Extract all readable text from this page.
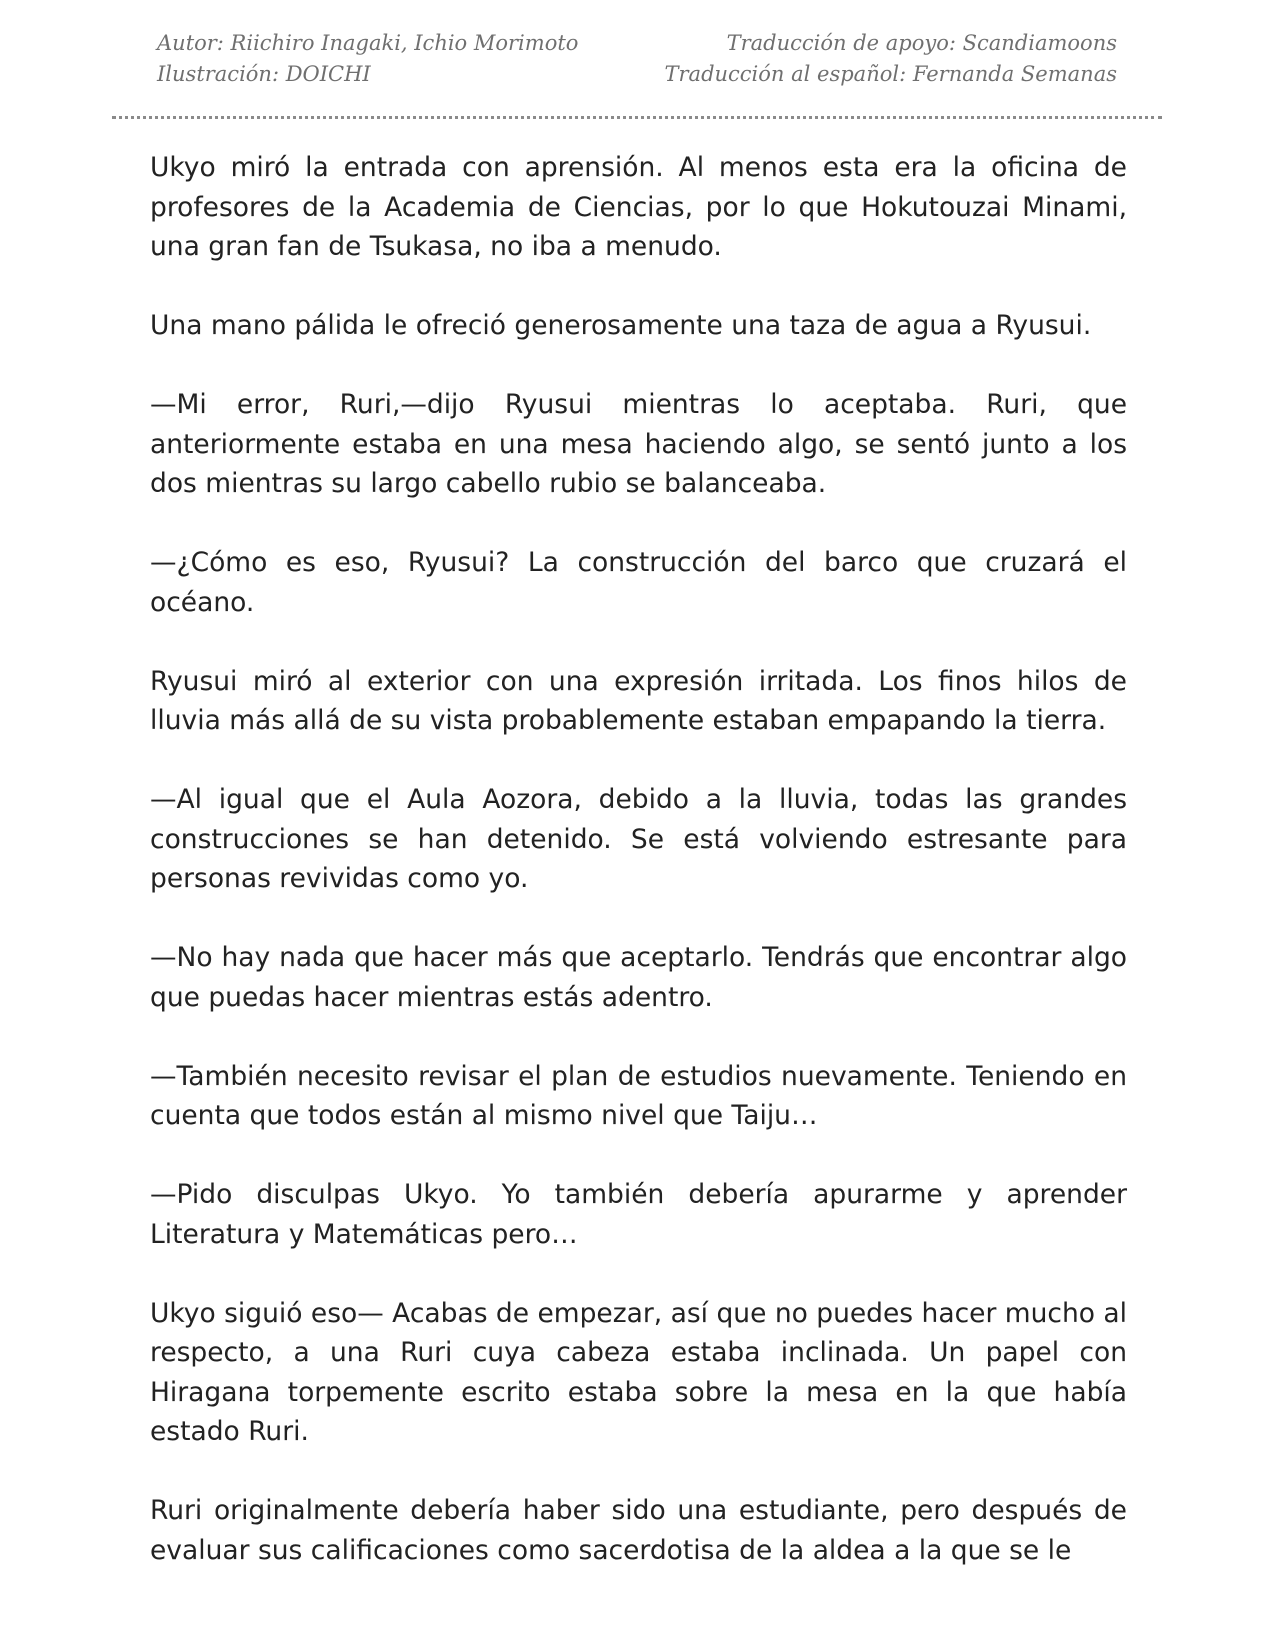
Autor: Riichiro Inagaki, Ichio Morimoto
Ilustración: DOICHI
Traducción de apoyo: Scandiamoons
Traducción al español: Fernanda Semanas

Ukyo miró la entrada con aprensión. Al menos esta era la oficina de profesores de la Academia de Ciencias, por lo que Hokutouzai Minami, una gran fan de Tsukasa, no iba a menudo.

Una mano pálida le ofreció generosamente una taza de agua a Ryusui.

—Mi error, Ruri,—dijo Ryusui mientras lo aceptaba. Ruri, que anteriormente estaba en una mesa haciendo algo, se sentó junto a los dos mientras su largo cabello rubio se balanceaba.

—¿Cómo es eso, Ryusui? La construcción del barco que cruzará el océano.

Ryusui miró al exterior con una expresión irritada. Los finos hilos de lluvia más allá de su vista probablemente estaban empapando la tierra.

—Al igual que el Aula Aozora, debido a la lluvia, todas las grandes construcciones se han detenido. Se está volviendo estresante para personas revividas como yo.

—No hay nada que hacer más que aceptarlo. Tendrás que encontrar algo que puedas hacer mientras estás adentro.

—También necesito revisar el plan de estudios nuevamente. Teniendo en cuenta que todos están al mismo nivel que Taiju…

—Pido disculpas Ukyo. Yo también debería apurarme y aprender Literatura y Matemáticas pero…

Ukyo siguió eso— Acabas de empezar, así que no puedes hacer mucho al respecto, a una Ruri cuya cabeza estaba inclinada. Un papel con Hiragana torpemente escrito estaba sobre la mesa en la que había estado Ruri.

Ruri originalmente debería haber sido una estudiante, pero después de evaluar sus calificaciones como sacerdotisa de la aldea a la que se le
